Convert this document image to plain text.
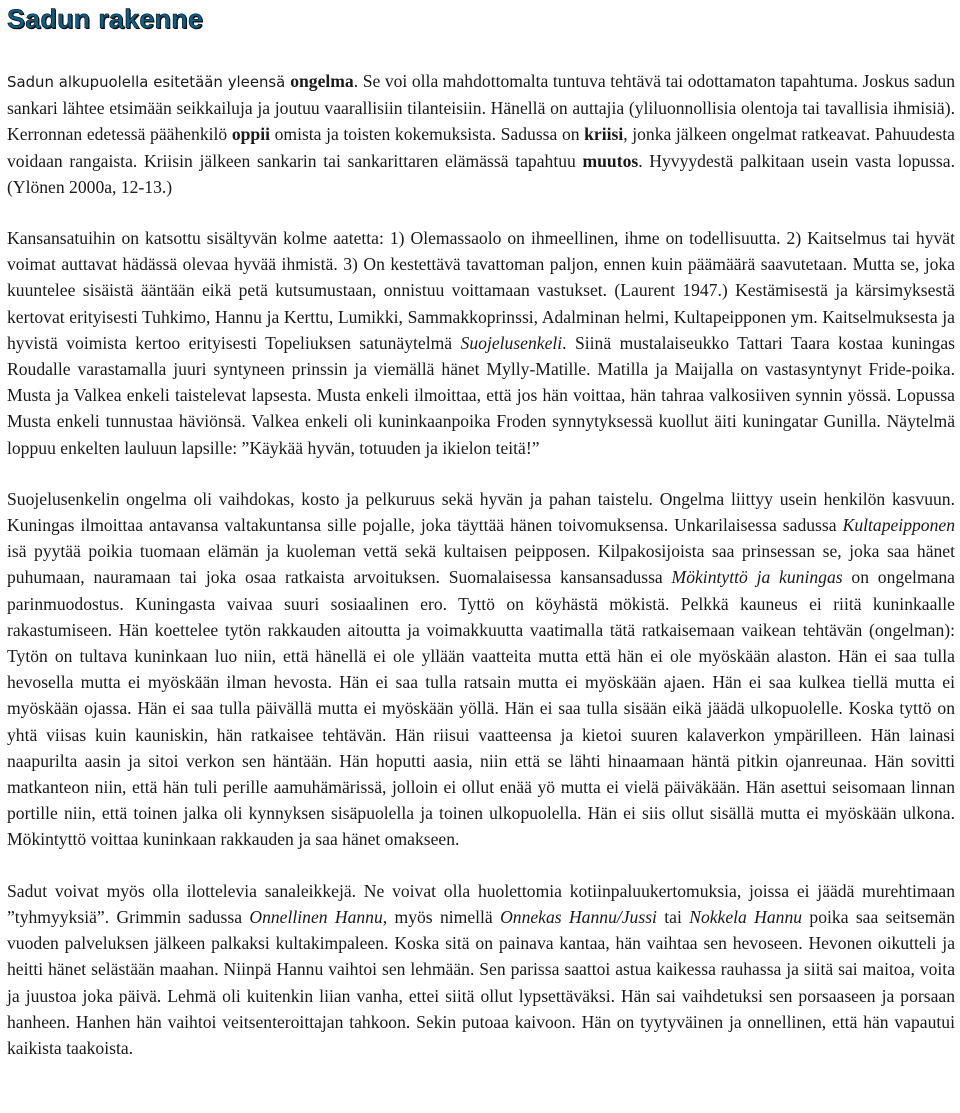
Sadun rakenne

Sadun alkupuolella esitetään yleensä ongelma. Se voi olla mahdottomalta tuntuva tehtävä tai odottamaton tapahtuma. Joskus sadun sankari lähtee etsimään seikkailuja ja joutuu vaarallisiin tilanteisiin. Hänellä on auttajia (yliluonnollisia olentoja tai tavallisia ihmisiä). Kerronnan edetessä päähenkilö oppii omista ja toisten kokemuksista. Sadussa on kriisi, jonka jälkeen ongelmat ratkeavat. Pahuudesta voidaan rangaista. Kriisin jälkeen sankarin tai sankarittaren elämässä tapahtuu muutos. Hyvyydestä palkitaan usein vasta lopussa. (Ylönen 2000a, 12-13.)

Kansansatuihin on katsottu sisältyvän kolme aatetta: 1) Olemassaolo on ihmeellinen, ihme on todellisuutta. 2) Kaitselmus tai hyvät voimat auttavat hädässä olevaa hyvää ihmistä. 3) On kestettävä tavattoman paljon, ennen kuin päämäärä saavutetaan. Mutta se, joka kuuntelee sisäistä ääntään eikä petä kutsumustaan, onnistuu voittamaan vastukset. (Laurent 1947.) Kestämisestä ja kärsimyksestä kertovat erityisesti Tuhkimo, Hannu ja Kerttu, Lumikki, Sammakkoprinssi, Adalminan helmi, Kultapeipponen ym. Kaitselmuksesta ja hyvistä voimista kertoo erityisesti Topeliuksen satunäytelmä Suojelusenkeli. Siinä mustalaiseukko Tattari Taara kostaa kuningas Roudalle varastamalla juuri syntyneen prinssin ja viemällä hänet Mylly-Matille. Matilla ja Maijalla on vastasyntynyt Fride-poika. Musta ja Valkea enkeli taistelevat lapsesta. Musta enkeli ilmoittaa, että jos hän voittaa, hän tahraa valkosiiven synnin yössä. Lopussa Musta enkeli tunnustaa häviönsä. Valkea enkeli oli kuninkaanpoika Froden synnytyksessä kuollut äiti kuningatar Gunilla. Näytelmä loppuu enkelten lauluun lapsille: ”Käykää hyvän, totuuden ja ikielon teitä!”

Suojelusenkelin ongelma oli vaihdokas, kosto ja pelkuruus sekä hyvän ja pahan taistelu. Ongelma liittyy usein henkilön kasvuun. Kuningas ilmoittaa antavansa valtakuntansa sille pojalle, joka täyttää hänen toivomuksensa. Unkarilaisessa sadussa Kultapeipponen isä pyytää poikia tuomaan elämän ja kuoleman vettä sekä kultaisen peipposen. Kilpakosijoista saa prinsessan se, joka saa hänet puhumaan, nauramaan tai joka osaa ratkaista arvoituksen. Suomalaisessa kansansadussa Mökintyttö ja kuningas on ongelmana parinmuodostus. Kuningasta vaivaa suuri sosiaalinen ero. Tyttö on köyhästä mökistä. Pelkkä kauneus ei riitä kuninkaalle rakastumiseen. Hän koettelee tytön rakkauden aitoutta ja voimakkuutta vaatimalla tätä ratkaisemaan vaikean tehtävän (ongelman): Tytön on tultava kuninkaan luo niin, että hänellä ei ole yllään vaatteita mutta että hän ei ole myöskään alaston. Hän ei saa tulla hevosella mutta ei myöskään ilman hevosta. Hän ei saa tulla ratsain mutta ei myöskään ajaen. Hän ei saa kulkea tiellä mutta ei myöskään ojassa. Hän ei saa tulla päivällä mutta ei myöskään yöllä. Hän ei saa tulla sisään eikä jäädä ulkopuolelle. Koska tyttö on yhtä viisas kuin kauniskin, hän ratkaisee tehtävän. Hän riisui vaatteensa ja kietoi suuren kalaverkon ympärilleen. Hän lainasi naapurilta aasin ja sitoi verkon sen häntään. Hän hoputti aasia, niin että se lähti hinaamaan häntä pitkin ojanreunaa. Hän sovitti matkanteon niin, että hän tuli perille aamuhämärissä, jolloin ei ollut enää yö mutta ei vielä päiväkään. Hän asettui seisomaan linnan portille niin, että toinen jalka oli kynnyksen sisäpuolella ja toinen ulkopuolella. Hän ei siis ollut sisällä mutta ei myöskään ulkona. Mökintyttö voittaa kuninkaan rakkauden ja saa hänet omakseen.

Sadut voivat myös olla ilottelevia sanaleikkejä. Ne voivat olla huolettomia kotiinpaluukertomuksia, joissa ei jäädä murehtimaan ”tyhmyyksiä”. Grimmin sadussa Onnellinen Hannu, myös nimellä Onnekas Hannu/Jussi tai Nokkela Hannu poika saa seitsemän vuoden palveluksen jälkeen palkaksi kultakimpaleen. Koska sitä on painava kantaa, hän vaihtaa sen hevoseen. Hevonen oikutteli ja heitti hänet selästään maahan. Niinpä Hannu vaihtoi sen lehmään. Sen parissa saattoi astua kaikessa rauhassa ja siitä sai maitoa, voita ja juustoa joka päivä. Lehmä oli kuitenkin liian vanha, ettei siitä ollut lypsettäväksi. Hän sai vaihdetuksi sen porsaaseen ja porsaan hanheen. Hanhen hän vaihtoi veitsenteroittajan tahkoon. Sekin putoaa kaivoon. Hän on tyytyväinen ja onnellinen, että hän vapautui kaikista taakoista.
